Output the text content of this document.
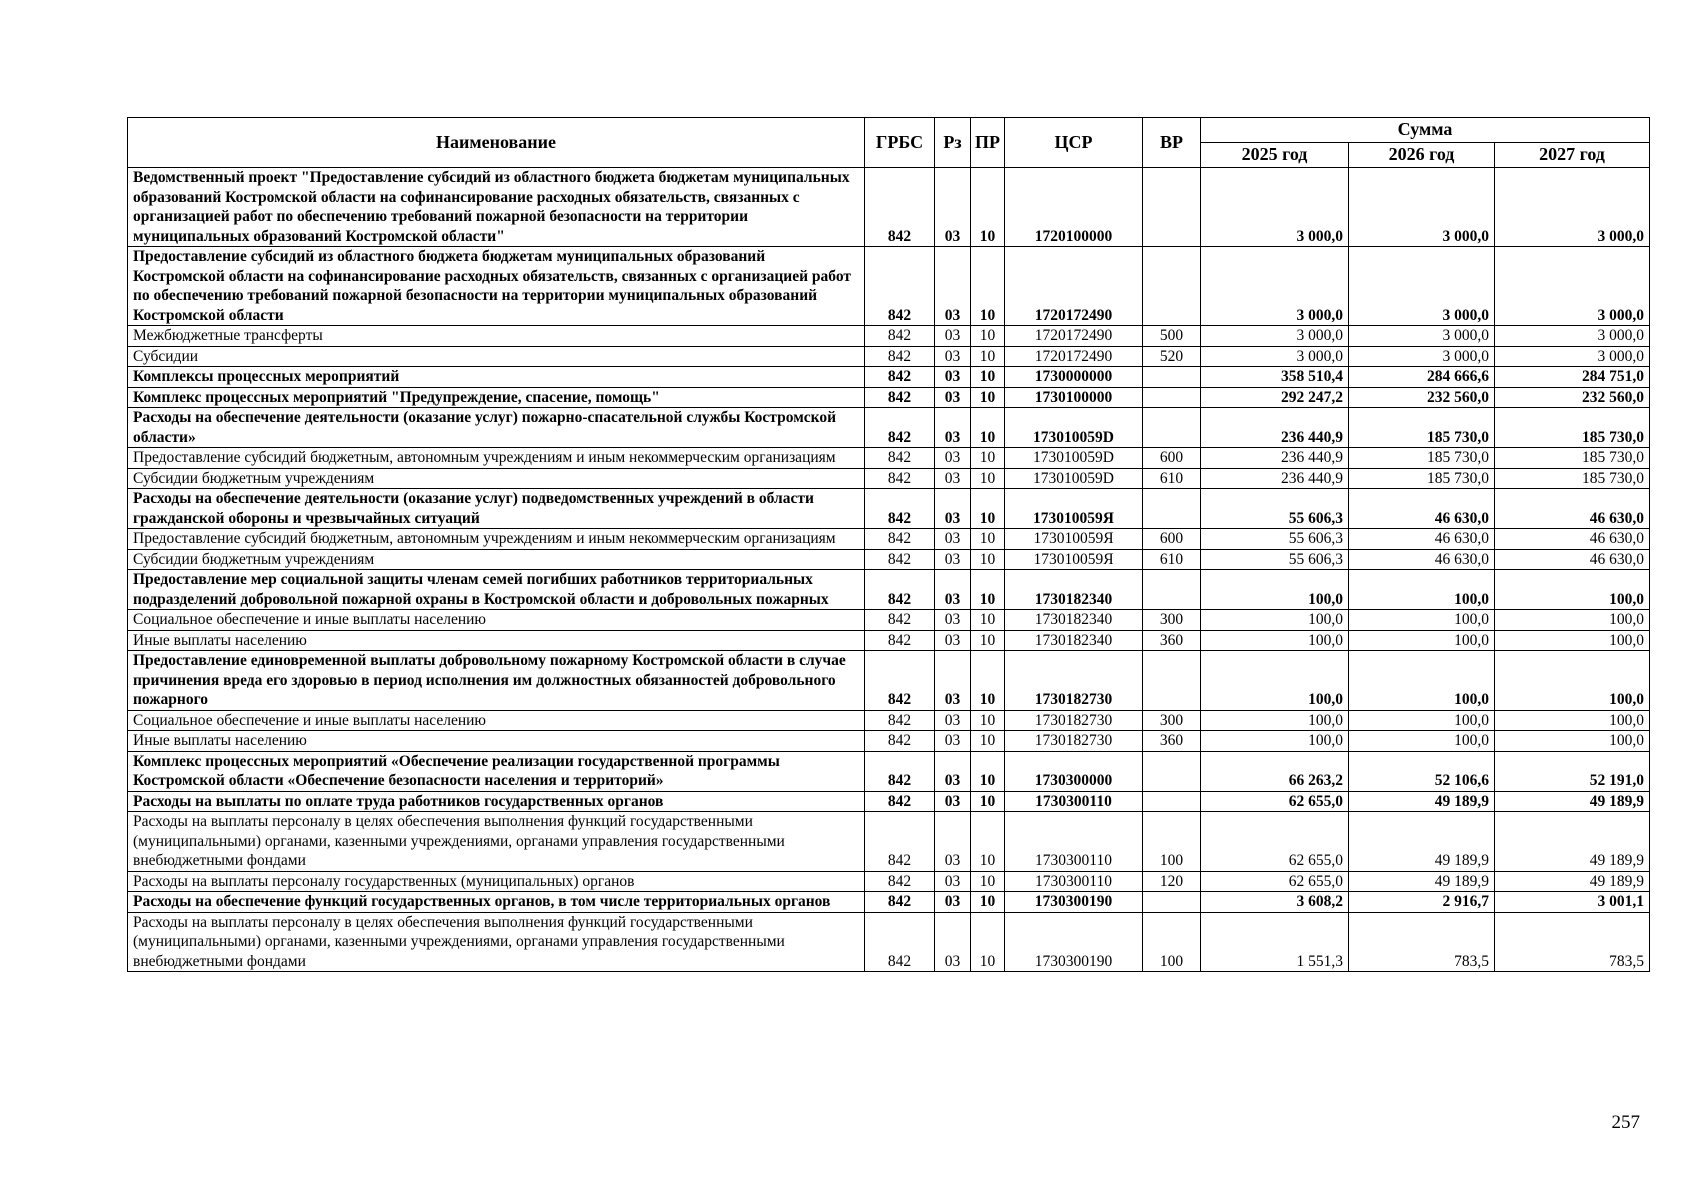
Наименование	ГРБС	Рз	ПР	ЦСР	ВР	Сумма		
						2025 год	2026 год	2027 год
Ведомственный проект "Предоставление субсидий из областного бюджета бюджетам муниципальных образований Костромской области на софинансирование расходных обязательств, связанных с организацией работ по обеспечению требований пожарной безопасности на территории муниципальных образований Костромской области"	842	03	10	1720100000		3 000,0	3 000,0	3 000,0
Предоставление субсидий из областного бюджета бюджетам муниципальных образований Костромской области на софинансирование расходных обязательств, связанных с организацией работ по обеспечению требований пожарной безопасности на территории муниципальных образований Костромской области	842	03	10	1720172490		3 000,0	3 000,0	3 000,0
Межбюджетные трансферты	842	03	10	1720172490	500	3 000,0	3 000,0	3 000,0
Субсидии	842	03	10	1720172490	520	3 000,0	3 000,0	3 000,0
Комплексы процессных мероприятий	842	03	10	1730000000		358 510,4	284 666,6	284 751,0
Комплекс процессных мероприятий "Предупреждение, спасение, помощь"	842	03	10	1730100000		292 247,2	232 560,0	232 560,0
Расходы на обеспечение деятельности (оказание услуг) пожарно-спасательной службы Костромской области»	842	03	10	173010059D		236 440,9	185 730,0	185 730,0
Предоставление субсидий бюджетным, автономным учреждениям и иным некоммерческим организациям	842	03	10	173010059D	600	236 440,9	185 730,0	185 730,0
Субсидии бюджетным учреждениям	842	03	10	173010059D	610	236 440,9	185 730,0	185 730,0
Расходы на обеспечение деятельности (оказание услуг) подведомственных учреждений в области гражданской обороны и чрезвычайных ситуаций	842	03	10	173010059Я		55 606,3	46 630,0	46 630,0
Предоставление субсидий бюджетным, автономным учреждениям и иным некоммерческим организациям	842	03	10	173010059Я	600	55 606,3	46 630,0	46 630,0
Субсидии бюджетным учреждениям	842	03	10	173010059Я	610	55 606,3	46 630,0	46 630,0
Предоставление мер социальной защиты членам семей погибших работников территориальных подразделений добровольной пожарной охраны в Костромской области и добровольных пожарных	842	03	10	1730182340		100,0	100,0	100,0
Социальное обеспечение и иные выплаты населению	842	03	10	1730182340	300	100,0	100,0	100,0
Иные выплаты населению	842	03	10	1730182340	360	100,0	100,0	100,0
Предоставление единовременной выплаты добровольному пожарному Костромской области в случае причинения вреда его здоровью в период исполнения им должностных обязанностей добровольного пожарного	842	03	10	1730182730		100,0	100,0	100,0
Социальное обеспечение и иные выплаты населению	842	03	10	1730182730	300	100,0	100,0	100,0
Иные выплаты населению	842	03	10	1730182730	360	100,0	100,0	100,0
Комплекс процессных мероприятий «Обеспечение реализации государственной программы Костромской области «Обеспечение безопасности населения и территорий»	842	03	10	1730300000		66 263,2	52 106,6	52 191,0
Расходы на выплаты по оплате труда работников государственных органов	842	03	10	1730300110		62 655,0	49 189,9	49 189,9
Расходы на выплаты персоналу в целях обеспечения выполнения функций государственными (муниципальными) органами, казенными учреждениями, органами управления государственными внебюджетными фондами	842	03	10	1730300110	100	62 655,0	49 189,9	49 189,9
Расходы на выплаты персоналу государственных (муниципальных) органов	842	03	10	1730300110	120	62 655,0	49 189,9	49 189,9
Расходы на обеспечение функций государственных органов, в том числе территориальных органов	842	03	10	1730300190		3 608,2	2 916,7	3 001,1
Расходы на выплаты персоналу в целях обеспечения выполнения функций государственными (муниципальными) органами, казенными учреждениями, органами управления государственными внебюджетными фондами	842	03	10	1730300190	100	1 551,3	783,5	783,5
257
